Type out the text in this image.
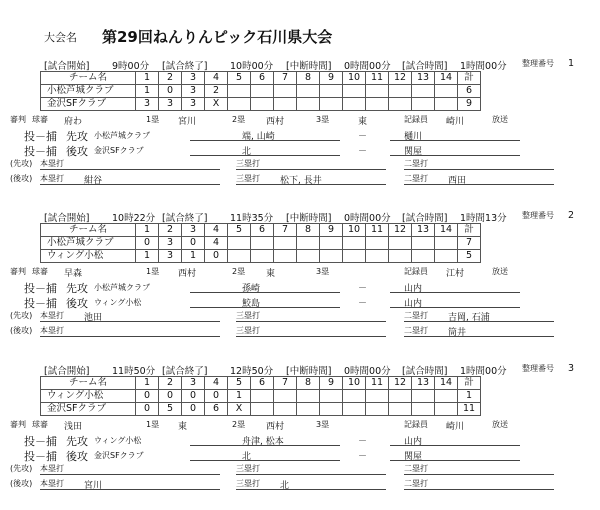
大会名 第29回ねんりんピック石川県大会
[試合開始] 9時00分 [試合終了] 10時00分 [中断時間] 0時間00分 [試合時間] 1時間00分 整理番号 1
チーム名	1	2	3	4	5	6	7	8	9	10	11	12	13	14	計
小松芦城クラブ	1	0	3	2											6
金沢SFクラブ	3	3	3	X											9
審判 球審 府わ	1塁 宮川	2塁 西村	3塁	東	記録員 崎川	放送
投－捕 先攻 小松芦城クラブ	端, 山崎	－	樋川
投－捕 後攻 金沢SFクラブ	北	－	関屋
(先攻) 本塁打	三塁打	二塁打
(後攻) 本塁打 紺谷	三塁打 松下, 長井	二塁打 西田
[試合開始] 10時22分 [試合終了] 11時35分 [中断時間] 0時間00分 [試合時間] 1時間13分 整理番号 2
チーム名	1	2	3	4	5	6	7	8	9	10	11	12	13	14	計
小松芦城クラブ	0	3	0	4											7
ウィング小松	1	3	1	0											5
審判 球審 早森	1塁 西村	2塁 東	3塁	記録員 江村	放送
投－捕 先攻 小松芦城クラブ	孫崎	－	山内
投－捕 後攻 ウィング小松	鮫島	－	山内
(先攻) 本塁打 池田	三塁打	二塁打 吉岡, 石浦
(後攻) 本塁打	三塁打	二塁打 筒井
[試合開始] 11時50分 [試合終了] 12時50分 [中断時間] 0時間00分 [試合時間] 1時間00分 整理番号 3
チーム名	1	2	3	4	5	6	7	8	9	10	11	12	13	14	計
ウィング小松	0	0	0	0	1										1
金沢SFクラブ	0	5	0	6	X										11
審判 球審 浅田	1塁 東	2塁 西村	3塁	記録員 崎川	放送
投－捕 先攻 ウィング小松	舟津, 松本	－	山内
投－捕 後攻 金沢SFクラブ	北	－	関屋
(先攻) 本塁打	三塁打	二塁打
(後攻) 本塁打 宮川	三塁打 北	二塁打
